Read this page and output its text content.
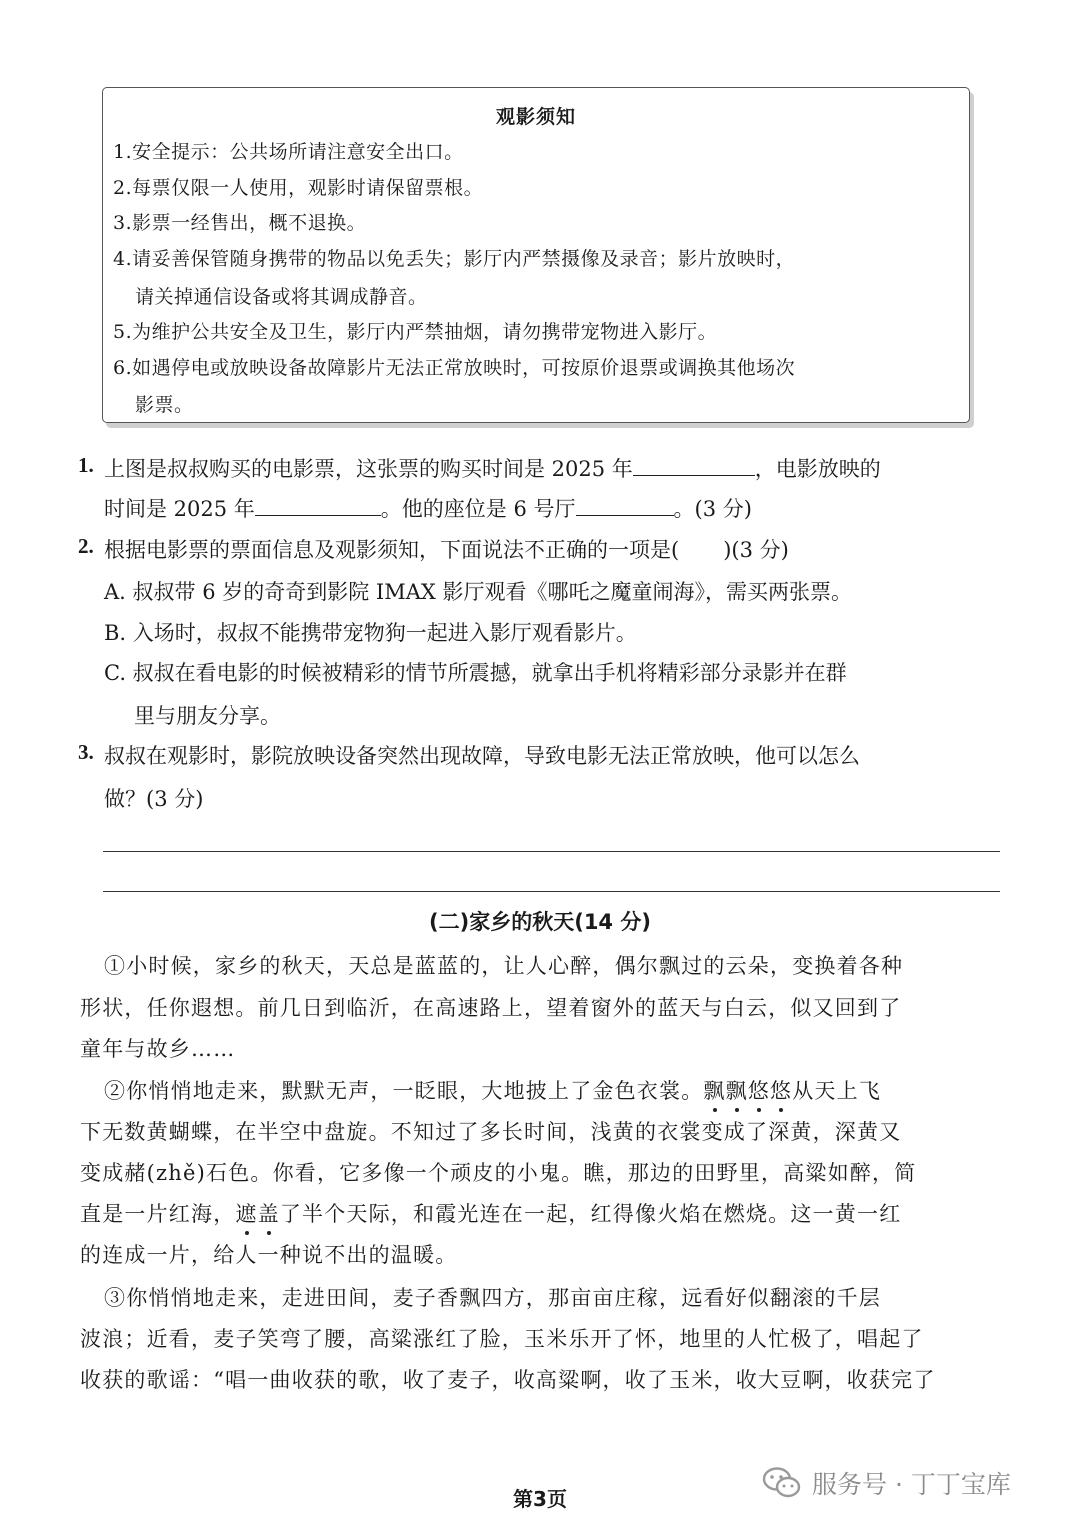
观影须知
1.安全提示：公共场所请注意安全出口。
2.每票仅限一人使用，观影时请保留票根。
3.影票一经售出，概不退换。
4.请妥善保管随身携带的物品以免丢失；影厅内严禁摄像及录音；影片放映时，
请关掉通信设备或将其调成静音。
5.为维护公共安全及卫生，影厅内严禁抽烟，请勿携带宠物进入影厅。
6.如遇停电或放映设备故障影片无法正常放映时，可按原价退票或调换其他场次
影票。
1. 上图是叔叔购买的电影票，这张票的购买时间是 2025 年	，电影放映的
时间是 2025 年	。他的座位是 6 号厅	。(3 分)
2. 根据电影票的票面信息及观影须知，下面说法不正确的一项是( )(3 分)
A. 叔叔带 6 岁的奇奇到影院 IMAX 影厅观看《哪吒之魔童闹海》，需买两张票。
B. 入场时，叔叔不能携带宠物狗一起进入影厅观看影片。
C. 叔叔在看电影的时候被精彩的情节所震撼，就拿出手机将精彩部分录影并在群
里与朋友分享。
3. 叔叔在观影时，影院放映设备突然出现故障，导致电影无法正常放映，他可以怎么
做？(3 分)
(二)家乡的秋天(14 分)
①小时候，家乡的秋天，天总是蓝蓝的，让人心醉，偶尔飘过的云朵，变换着各种
形状，任你遐想。前几日到临沂，在高速路上，望着窗外的蓝天与白云，似又回到了
童年与故乡……
②你悄悄地走来，默默无声，一眨眼，大地披上了金色衣裳。飘飘悠悠从天上飞
下无数黄蝴蝶，在半空中盘旋。不知过了多长时间，浅黄的衣裳变成了深黄，深黄又
变成赭(zhě)石色。你看，它多像一个顽皮的小鬼。瞧，那边的田野里，高粱如醉，简
直是一片红海，遮盖了半个天际，和霞光连在一起，红得像火焰在燃烧。这一黄一红
的连成一片，给人一种说不出的温暖。
③你悄悄地走来，走进田间，麦子香飘四方，那亩亩庄稼，远看好似翻滚的千层
波浪；近看，麦子笑弯了腰，高粱涨红了脸，玉米乐开了怀，地里的人忙极了，唱起了
收获的歌谣：“唱一曲收获的歌，收了麦子，收高粱啊，收了玉米，收大豆啊，收获完了
第3页	服务号 · 丁丁宝库
